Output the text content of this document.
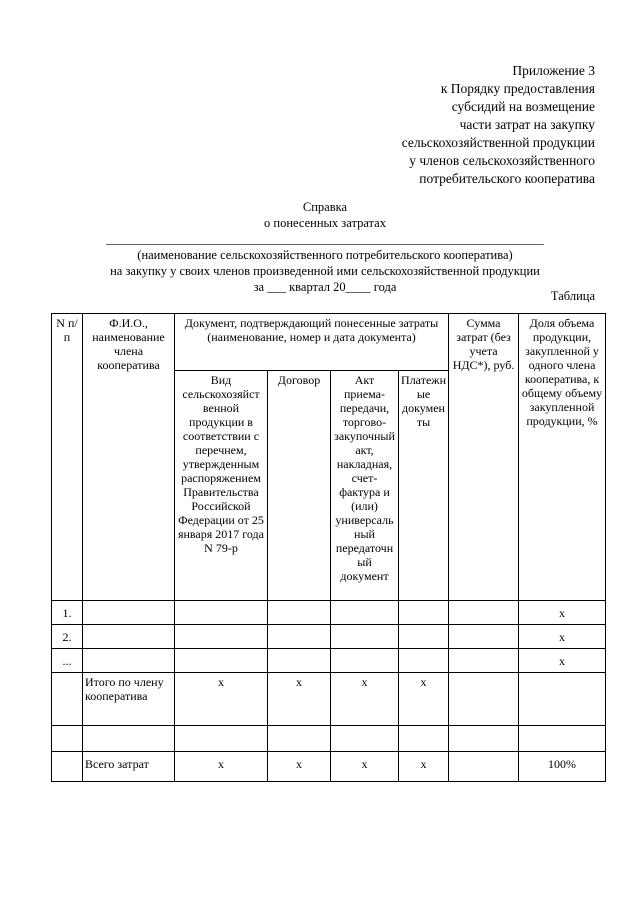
Приложение 3
к Порядку предоставления
субсидий на возмещение
части затрат на закупку
сельскохозяйственной продукции
у членов сельскохозяйственного
потребительского кооператива
Справка
о понесенных затратах
______________________________________________________________________
(наименование сельскохозяйственного потребительского кооператива)
на закупку у своих членов произведенной ими сельскохозяйственной продукции
за ___ квартал 20____ года
Таблица
N п/п	Ф.И.О., наименование члена кооператива	Документ, подтверждающий понесенные затраты (наименование, номер и дата документа)				Сумма затрат (без учета НДС*), руб.	Доля объема продукции, закупленной у одного члена кооператива, к общему объему закупленной продукции, %
		Вид сельскохозяйст венной продукции в соответствии с перечнем, утвержденным распоряжением Правительства Российской Федерации от 25 января 2017 года N 79-р	Договор	Акт приема-передачи, торгово-закупочный акт, накладная, счет-фактура и (или) универсальный передаточный документ	Платежные документы		
1.							x
2.							x
...							x
	Итого по члену кооператива	x	x	x	x		

	Всего затрат	x	x	x	x		100%
